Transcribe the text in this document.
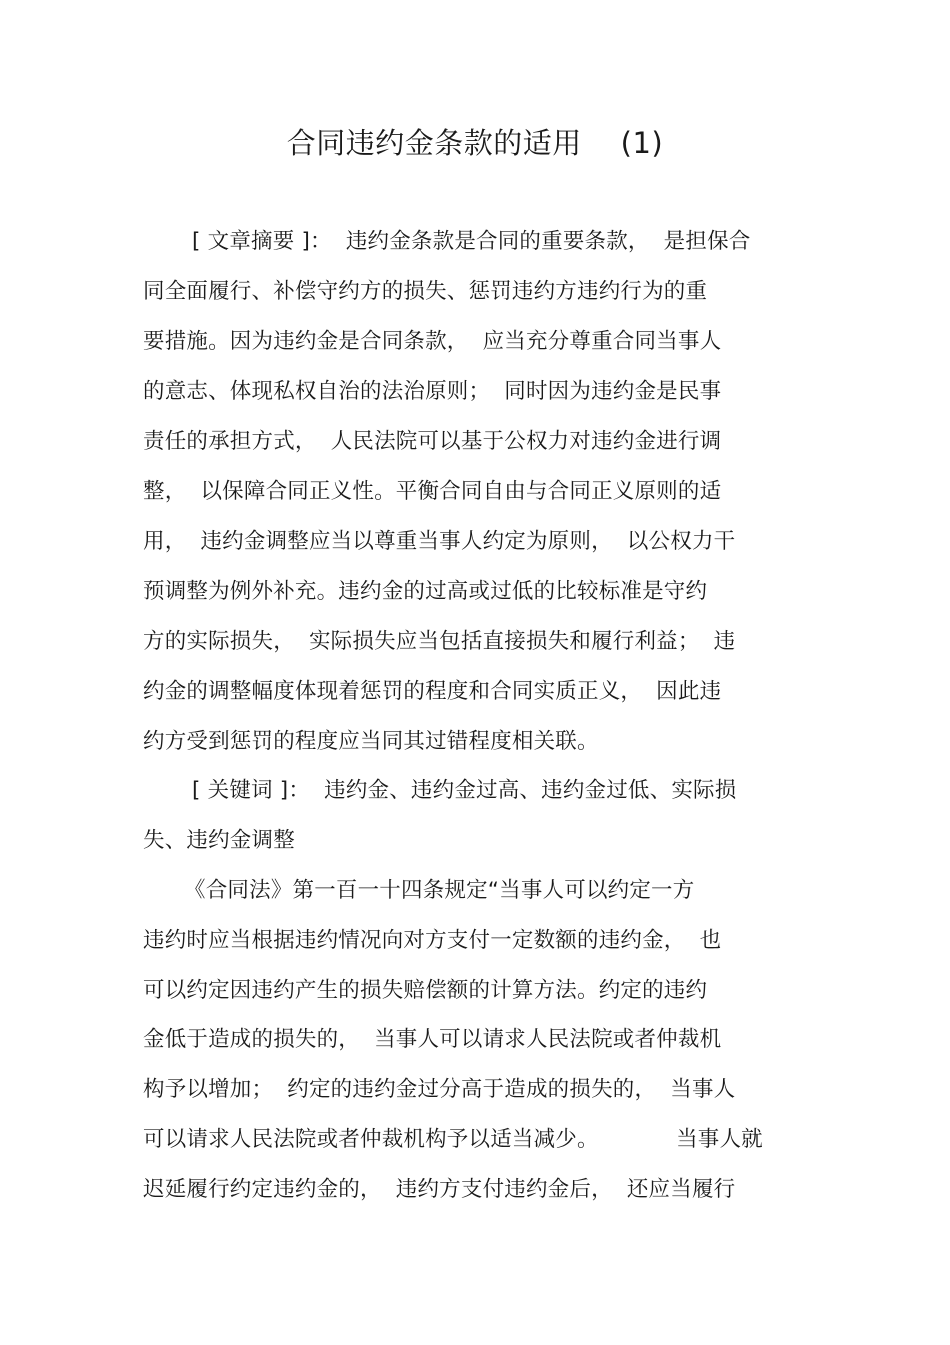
合同违约金条款的适用    (1)
[ 文章摘要 ]：  违约金条款是合同的重要条款，  是担保合
同全面履行、补偿守约方的损失、惩罚违约方违约行为的重
要措施。因为违约金是合同条款，  应当充分尊重合同当事人
的意志、体现私权自治的法治原则；  同时因为违约金是民事
责任的承担方式，  人民法院可以基于公权力对违约金进行调
整，  以保障合同正义性。平衡合同自由与合同正义原则的适
用，  违约金调整应当以尊重当事人约定为原则，  以公权力干
预调整为例外补充。违约金的过高或过低的比较标准是守约
方的实际损失，  实际损失应当包括直接损失和履行利益；  违
约金的调整幅度体现着惩罚的程度和合同实质正义，  因此违
约方受到惩罚的程度应当同其过错程度相关联。
[ 关键词 ]：  违约金、违约金过高、违约金过低、实际损
失、违约金调整
《合同法》第一百一十四条规定“当事人可以约定一方
违约时应当根据违约情况向对方支付一定数额的违约金，  也
可以约定因违约产生的损失赔偿额的计算方法。约定的违约
金低于造成的损失的，  当事人可以请求人民法院或者仲裁机
构予以增加；  约定的违约金过分高于造成的损失的，  当事人
可以请求人民法院或者仲裁机构予以适当减少。           当事人就
迟延履行约定违约金的，  违约方支付违约金后，  还应当履行
